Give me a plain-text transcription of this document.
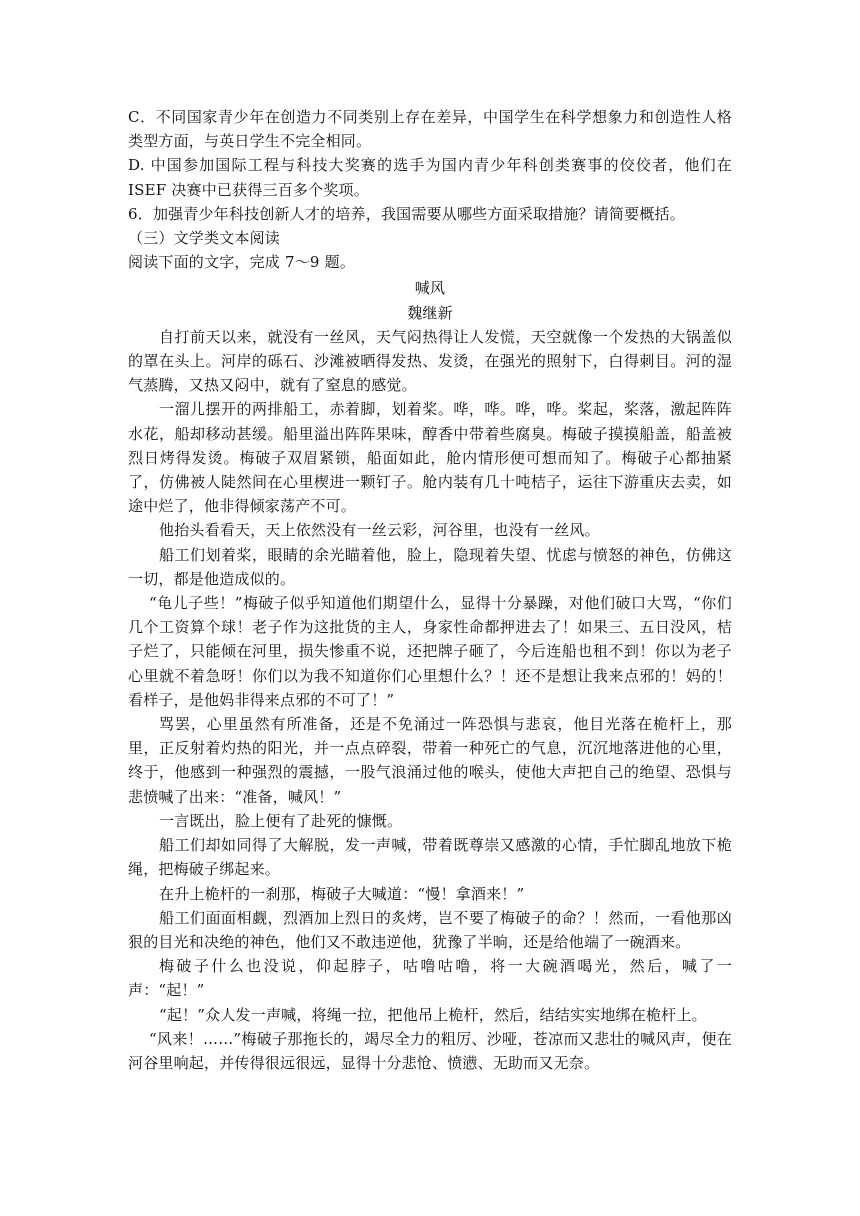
C．不同国家青少年在创造力不同类别上存在差异，中国学生在科学想象力和创造性人格类型方面，与英日学生不完全相同。

D. 中国参加国际工程与科技大奖赛的选手为国内青少年科创类赛事的佼佼者，他们在 ISEF 决赛中已获得三百多个奖项。

6．加强青少年科技创新人才的培养，我国需要从哪些方面采取措施？请简要概括。

（三）文学类文本阅读

阅读下面的文字，完成 7～9 题。

喊风

魏继新

自打前天以来，就没有一丝风，天气闷热得让人发慌，天空就像一个发热的大锅盖似的罩在头上。河岸的砾石、沙滩被晒得发热、发烫，在强光的照射下，白得刺目。河的湿气蒸腾，又热又闷中，就有了窒息的感觉。

一溜儿摆开的两排船工，赤着脚，划着桨。哗，哗。哗，哗。桨起，桨落，激起阵阵水花，船却移动甚缓。船里溢出阵阵果味，醇香中带着些腐臭。梅破子摸摸船盖，船盖被烈日烤得发烫。梅破子双眉紧锁，船面如此，舱内情形便可想而知了。梅破子心都抽紧了，仿佛被人陡然间在心里楔进一颗钉子。舱内装有几十吨桔子，运往下游重庆去卖，如途中烂了，他非得倾家荡产不可。

他抬头看看天，天上依然没有一丝云彩，河谷里，也没有一丝风。

船工们划着桨，眼睛的余光瞄着他，脸上，隐现着失望、忧虑与愤怒的神色，仿佛这一切，都是他造成似的。

“龟儿子些！”梅破子似乎知道他们期望什么，显得十分暴躁，对他们破口大骂，“你们几个工资算个球！老子作为这批货的主人，身家性命都押进去了！如果三、五日没风，桔子烂了，只能倾在河里，损失惨重不说，还把牌子砸了，今后连船也租不到！你以为老子心里就不着急呀！你们以为我不知道你们心里想什么？！还不是想让我来点邪的！妈的！看样子，是他妈非得来点邪的不可了！”

骂罢，心里虽然有所准备，还是不免涌过一阵恐惧与悲哀，他目光落在桅杆上，那里，正反射着灼热的阳光，并一点点碎裂，带着一种死亡的气息，沉沉地落进他的心里，终于，他感到一种强烈的震撼，一股气浪涌过他的喉头，使他大声把自己的绝望、恐惧与悲愤喊了出来：“准备，喊风！”

一言既出，脸上便有了赴死的慷慨。

船工们却如同得了大解脱，发一声喊，带着既尊崇又感激的心情，手忙脚乱地放下桅绳，把梅破子绑起来。

在升上桅杆的一刹那，梅破子大喊道：“慢！拿酒来！”

船工们面面相觑，烈酒加上烈日的炙烤，岂不要了梅破子的命？！然而，一看他那凶狠的目光和决绝的神色，他们又不敢违逆他，犹豫了半晌，还是给他端了一碗酒来。

梅破子什么也没说，仰起脖子，咕噜咕噜，将一大碗酒喝光，然后，喊了一声：“起！”

“起！”众人发一声喊，将绳一拉，把他吊上桅杆，然后，结结实实地绑在桅杆上。

“风来！……”梅破子那拖长的，竭尽全力的粗厉、沙哑，苍凉而又悲壮的喊风声，便在河谷里响起，并传得很远很远，显得十分悲怆、愤懑、无助而又无奈。
